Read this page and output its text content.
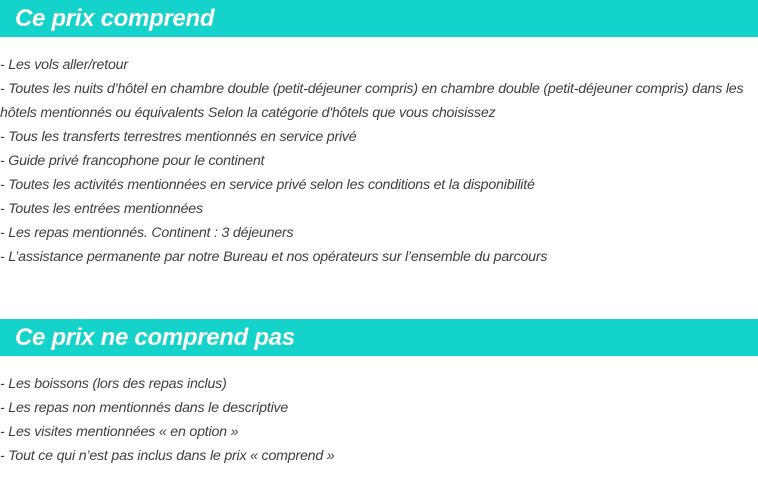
Ce prix comprend
- Les vols aller/retour
- Toutes les nuits d’hôtel en chambre double (petit-déjeuner compris) en chambre double (petit-déjeuner compris) dans les hôtels mentionnés ou équivalents Selon la catégorie d'hôtels que vous choisissez
- Tous les transferts terrestres mentionnés en service privé
- Guide privé francophone pour le continent
- Toutes les activités mentionnées en service privé selon les conditions et la disponibilité
- Toutes les entrées mentionnées
- Les repas mentionnés. Continent : 3 déjeuners
- L’assistance permanente par notre Bureau et nos opérateurs sur l’ensemble du parcours
Ce prix ne comprend pas
- Les boissons (lors des repas inclus)
- Les repas non mentionnés dans le descriptive
- Les visites mentionnées « en option »
- Tout ce qui n’est pas inclus dans le prix « comprend »
